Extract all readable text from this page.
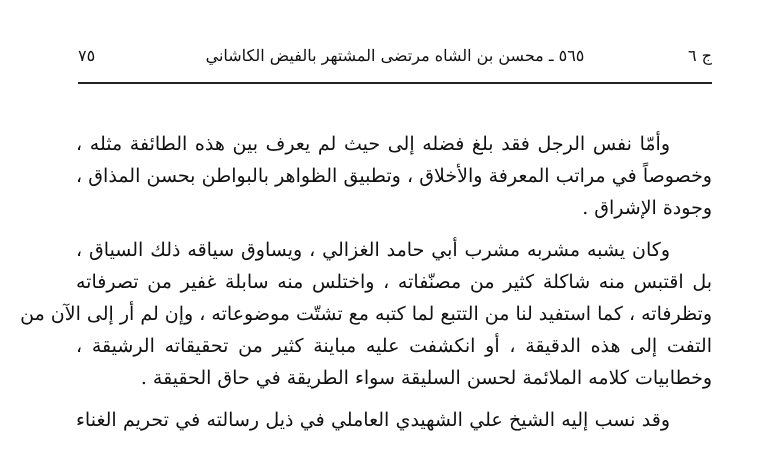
ج ٦
٥٦٥ ـ محسن بن الشاه مرتضى المشتهر بالفيض الكاشاني
٧٥
وأمّا نفس الرجل فقد بلغ فضله إلى حيث لم يعرف بين هذه الطائفة مثله ،
وخصوصاً في مراتب المعرفة والأخلاق ، وتطبيق الظواهر بالبواطن بحسن المذاق ،
وجودة الإشراق .
وكان يشبه مشربه مشرب أبي حامد الغزالي ، ويساوق سياقه ذلك السياق ،
بل اقتبس منه شاكلة كثير من مصنّفاته ، واختلس منه سابلة غفير من تصرفاته
وتظرفاته ، كما استفيد لنا من التتبع لما كتبه مع تشتّت موضوعاته ، وإن لم أر إلى الآن من
التفت إلى هذه الدقيقة ، أو انكشفت عليه مباينة كثير من تحقيقاته الرشيقة ،
وخطابيات كلامه الملائمة لحسن السليقة سواء الطريقة في حاق الحقيقة .
وقد نسب إليه الشيخ علي الشهيدي العاملي في ذيل رسالته في تحريم الغناء
